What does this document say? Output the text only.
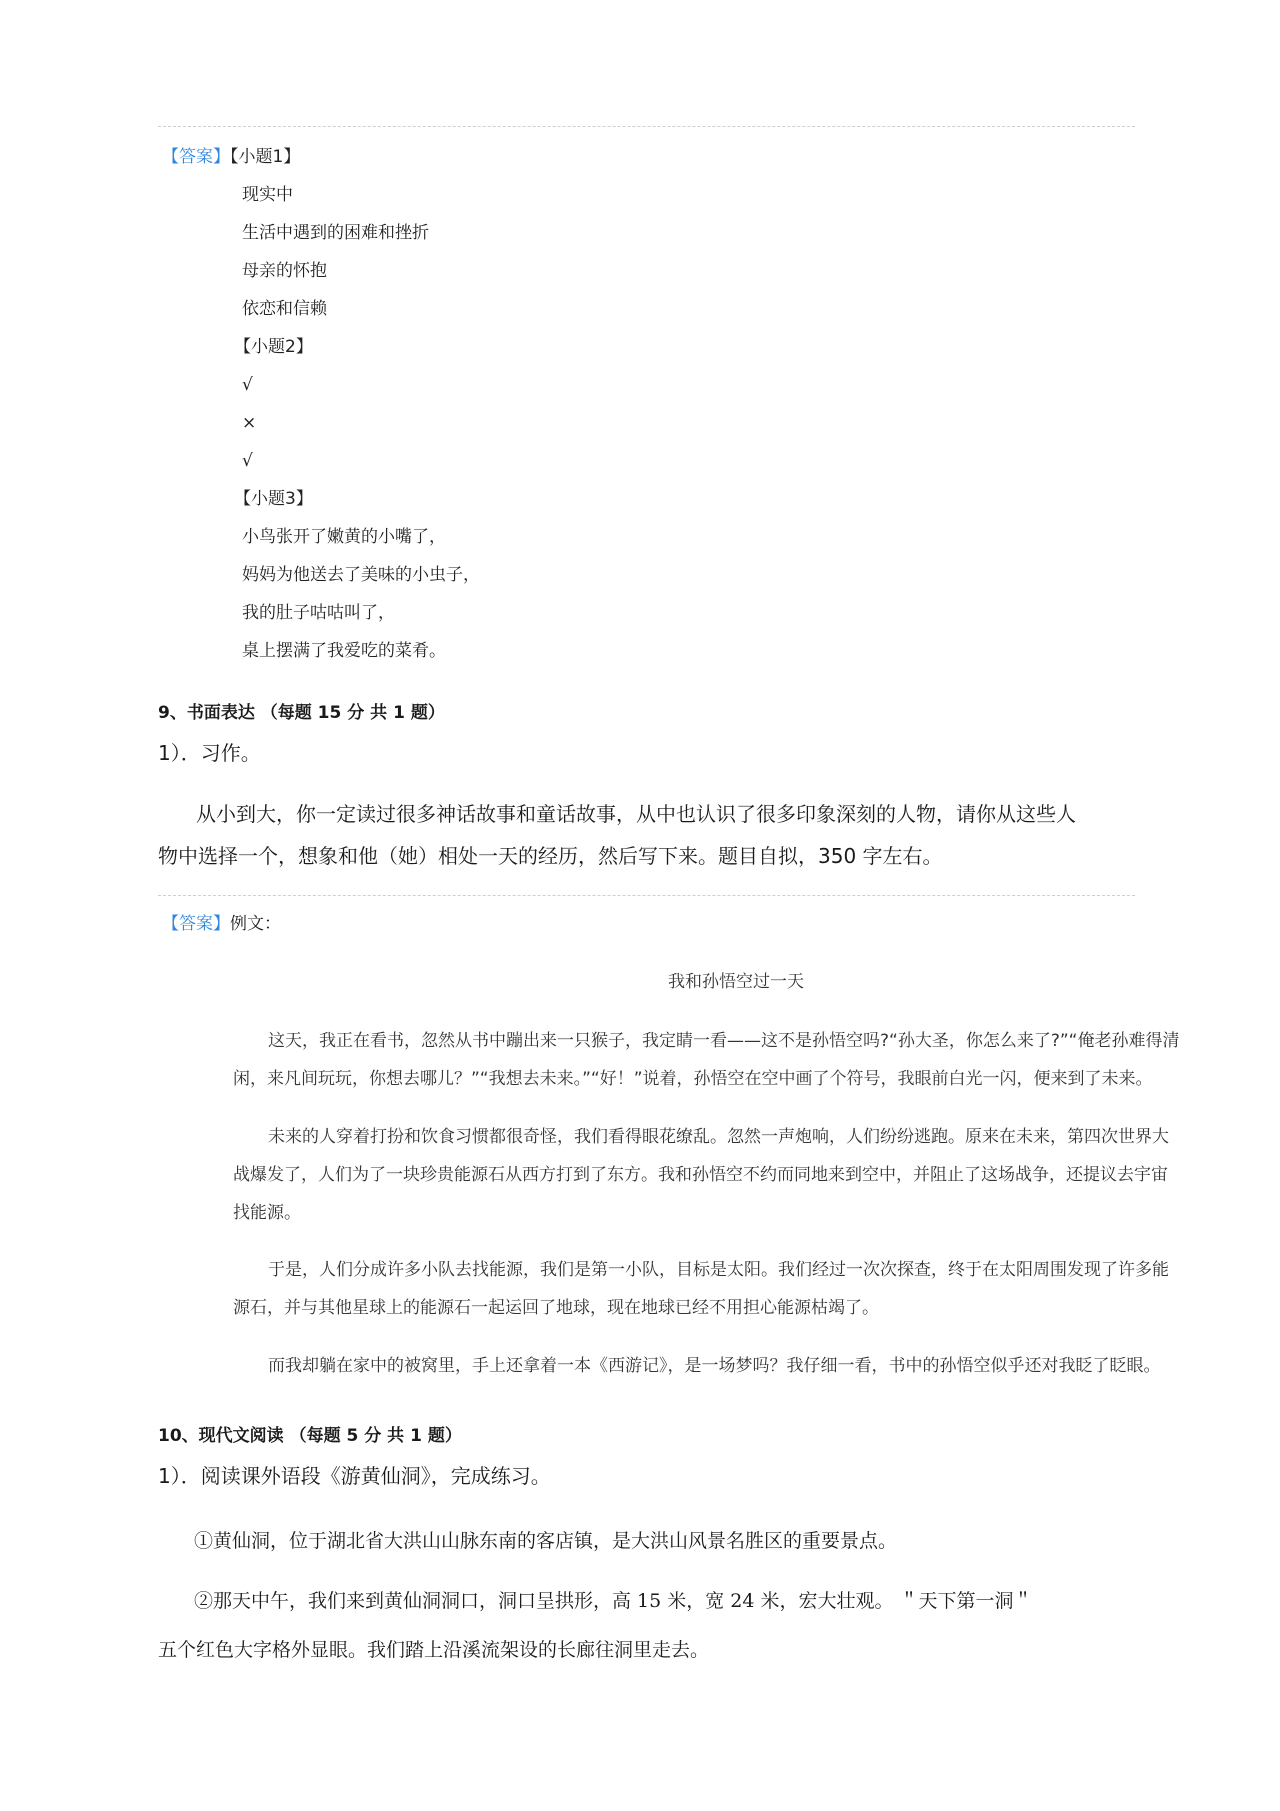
【答案】【小题1】
现实中
生活中遇到的困难和挫折
母亲的怀抱
依恋和信赖
【小题2】
√
×
√
【小题3】
小鸟张开了嫩黄的小嘴了，
妈妈为他送去了美味的小虫子，
我的肚子咕咕叫了，
桌上摆满了我爱吃的菜肴。
9、书面表达 （每题 15 分 共 1 题）
1）．习作。
从小到大，你一定读过很多神话故事和童话故事，从中也认识了很多印象深刻的人物，请你从这些人
物中选择一个，想象和他（她）相处一天的经历，然后写下来。题目自拟，350 字左右。
【答案】例文：
我和孙悟空过一天
这天，我正在看书，忽然从书中蹦出来一只猴子，我定睛一看——这不是孙悟空吗?“孙大圣，你怎么来了?”“俺老孙难得清
闲，来凡间玩玩，你想去哪儿？”“我想去未来。”“好！”说着，孙悟空在空中画了个符号，我眼前白光一闪，便来到了未来。
未来的人穿着打扮和饮食习惯都很奇怪，我们看得眼花缭乱。忽然一声炮响，人们纷纷逃跑。原来在未来，第四次世界大
战爆发了，人们为了一块珍贵能源石从西方打到了东方。我和孙悟空不约而同地来到空中，并阻止了这场战争，还提议去宇宙
找能源。
于是，人们分成许多小队去找能源，我们是第一小队，目标是太阳。我们经过一次次探查，终于在太阳周围发现了许多能
源石，并与其他星球上的能源石一起运回了地球，现在地球已经不用担心能源枯竭了。
而我却躺在家中的被窝里，手上还拿着一本《西游记》，是一场梦吗？我仔细一看，书中的孙悟空似乎还对我眨了眨眼。
10、现代文阅读 （每题 5 分 共 1 题）
1）．阅读课外语段《游黄仙洞》，完成练习。
①黄仙洞，位于湖北省大洪山山脉东南的客店镇，是大洪山风景名胜区的重要景点。
②那天中午，我们来到黄仙洞洞口，洞口呈拱形，高 15 米，宽 24 米，宏大壮观。 ＂天下第一洞＂
五个红色大字格外显眼。我们踏上沿溪流架设的长廊往洞里走去。
